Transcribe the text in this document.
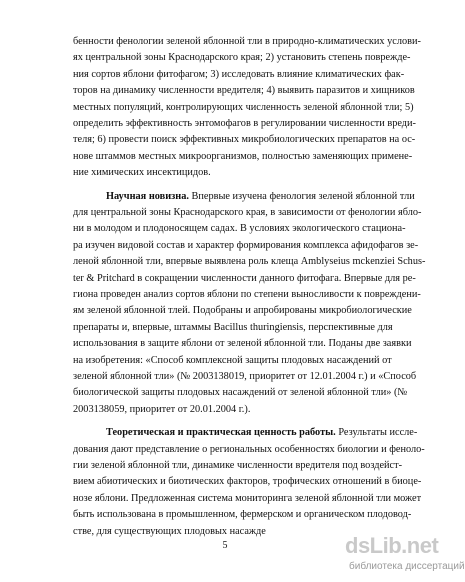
бенности фенологии зеленой яблонной тли в природно-климатических услови-
ях центральной зоны Краснодарского края; 2) установить степень поврежде-
ния сортов яблони фитофагом; 3) исследовать влияние климатических фак-
торов на динамику численности вредителя; 4) выявить паразитов и хищников
местных популяций, контролирующих численность зеленой яблонной тли; 5)
определить эффективность энтомофагов в регулировании численности вреди-
теля; 6) провести поиск эффективных микробиологических препаратов на ос-
нове штаммов местных микроорганизмов, полностью заменяющих примене-
ние химических инсектицидов.
Научная новизна. Впервые изучена фенология зеленой яблонной тли
для центральной зоны Краснодарского края, в зависимости от фенологии ябло-
ни в молодом и плодоносящем садах. В условиях экологического стациона-
ра изучен видовой состав и характер формирования комплекса афидофагов зе-
леной яблонной тли, впервые выявлена роль клеща Amblyseius mckenziei Schus-
ter & Pritchard в сокращении численности данного фитофага. Впервые для ре-
гиона проведен анализ сортов яблони по степени выносливости к повреждени-
ям зеленой яблонной тлей. Подобраны и апробированы микробиологические
препараты и, впервые, штаммы Bacillus thuringiensis, перспективные для
использования в защите яблони от зеленой яблонной тли. Поданы две заявки
на изобретения: «Способ комплексной защиты плодовых насаждений от
зеленой яблонной тли» (№ 2003138019, приоритет от 12.01.2004 г.) и «Способ
биологической защиты плодовых насаждений от зеленой яблонной тли» (№
2003138059, приоритет от 20.01.2004 г.).
Теоретическая и практическая ценность работы. Результаты иссле-
дования дают представление о региональных особенностях биологии и феноло-
гии зеленой яблонной тли, динамике численности вредителя под воздейст-
вием абиотических и биотических факторов, трофических отношений в биоце-
нозе яблони. Предложенная система мониторинга зеленой яблонной тли может
быть использована в промышленном, фермерском и органическом плодовод-
стве, для существующих плодовых насажде
5	dsLib.net
библиотека диссертаций
